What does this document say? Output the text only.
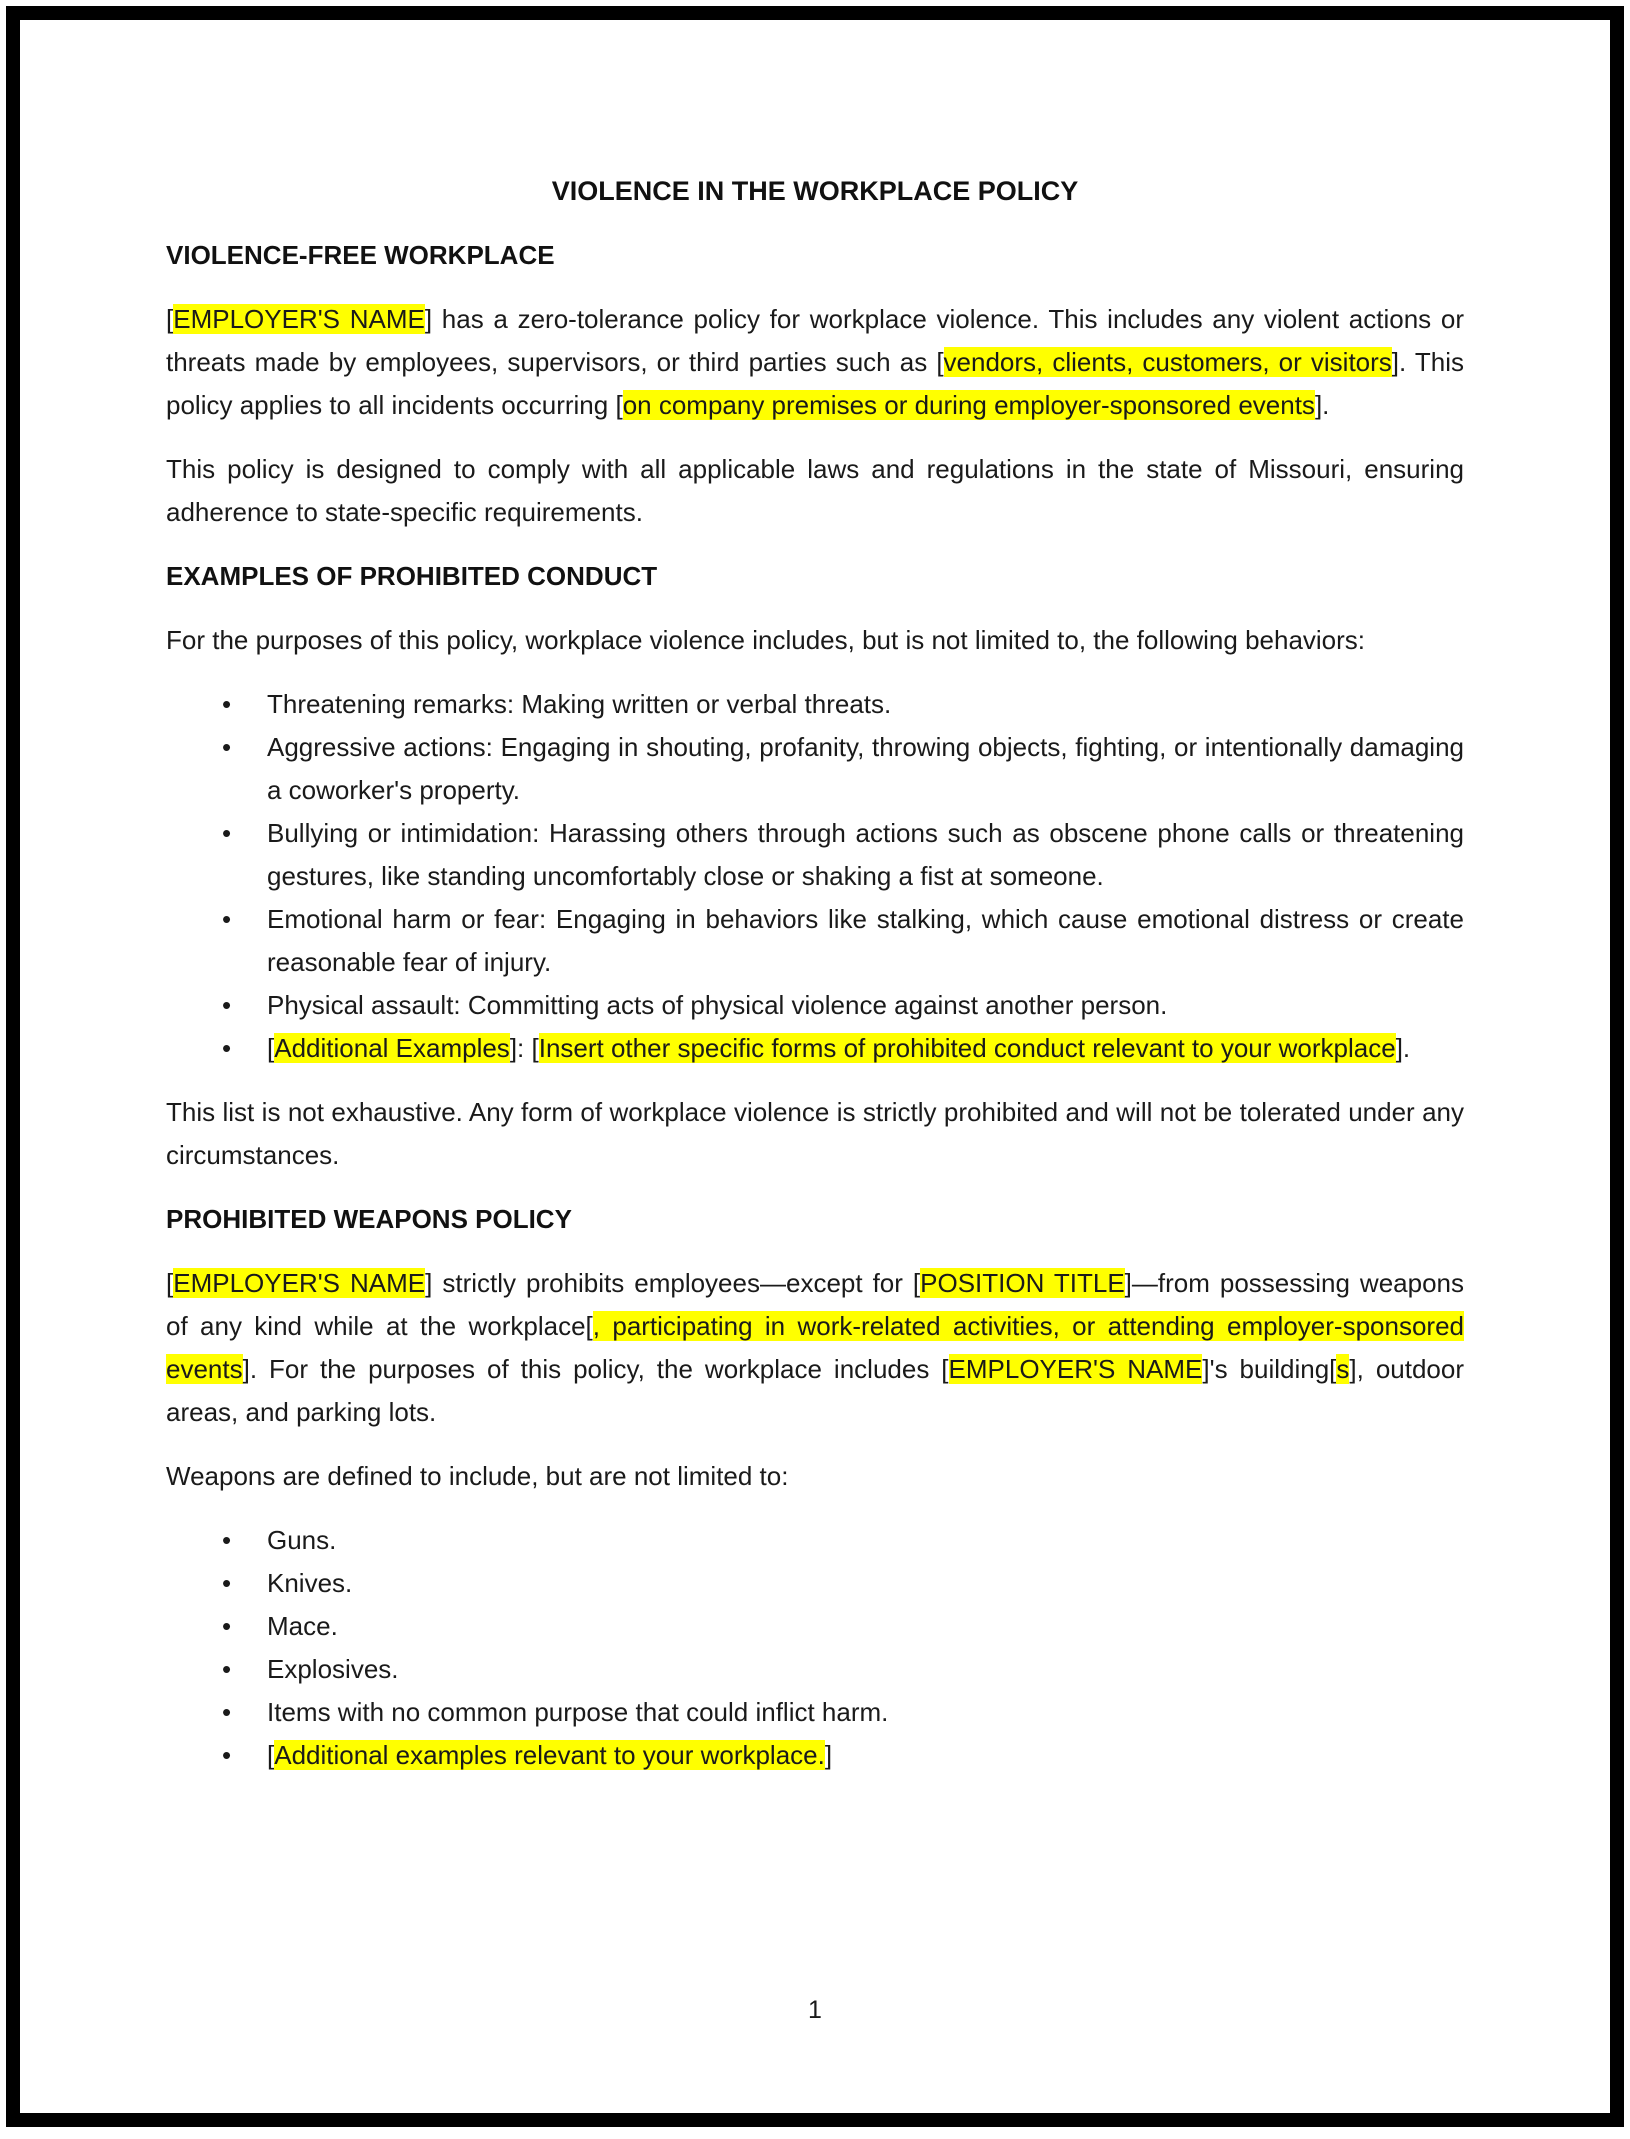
VIOLENCE IN THE WORKPLACE POLICY
VIOLENCE-FREE WORKPLACE

[EMPLOYER'S NAME] has a zero-tolerance policy for workplace violence. This includes any violent actions or threats made by employees, supervisors, or third parties such as [vendors, clients, customers, or visitors]. This policy applies to all incidents occurring [on company premises or during employer-sponsored events].

This policy is designed to comply with all applicable laws and regulations in the state of Missouri, ensuring adherence to state-specific requirements.

EXAMPLES OF PROHIBITED CONDUCT

For the purposes of this policy, workplace violence includes, but is not limited to, the following behaviors:

• Threatening remarks: Making written or verbal threats.
• Aggressive actions: Engaging in shouting, profanity, throwing objects, fighting, or intentionally damaging a coworker's property.
• Bullying or intimidation: Harassing others through actions such as obscene phone calls or threatening gestures, like standing uncomfortably close or shaking a fist at someone.
• Emotional harm or fear: Engaging in behaviors like stalking, which cause emotional distress or create reasonable fear of injury.
• Physical assault: Committing acts of physical violence against another person.
• [Additional Examples]: [Insert other specific forms of prohibited conduct relevant to your workplace].

This list is not exhaustive. Any form of workplace violence is strictly prohibited and will not be tolerated under any circumstances.

PROHIBITED WEAPONS POLICY

[EMPLOYER'S NAME] strictly prohibits employees—except for [POSITION TITLE]—from possessing weapons of any kind while at the workplace[, participating in work-related activities, or attending employer-sponsored events]. For the purposes of this policy, the workplace includes [EMPLOYER'S NAME]'s building[s], outdoor areas, and parking lots.

Weapons are defined to include, but are not limited to:

• Guns.
• Knives.
• Mace.
• Explosives.
• Items with no common purpose that could inflict harm.
• [Additional examples relevant to your workplace.]
1
